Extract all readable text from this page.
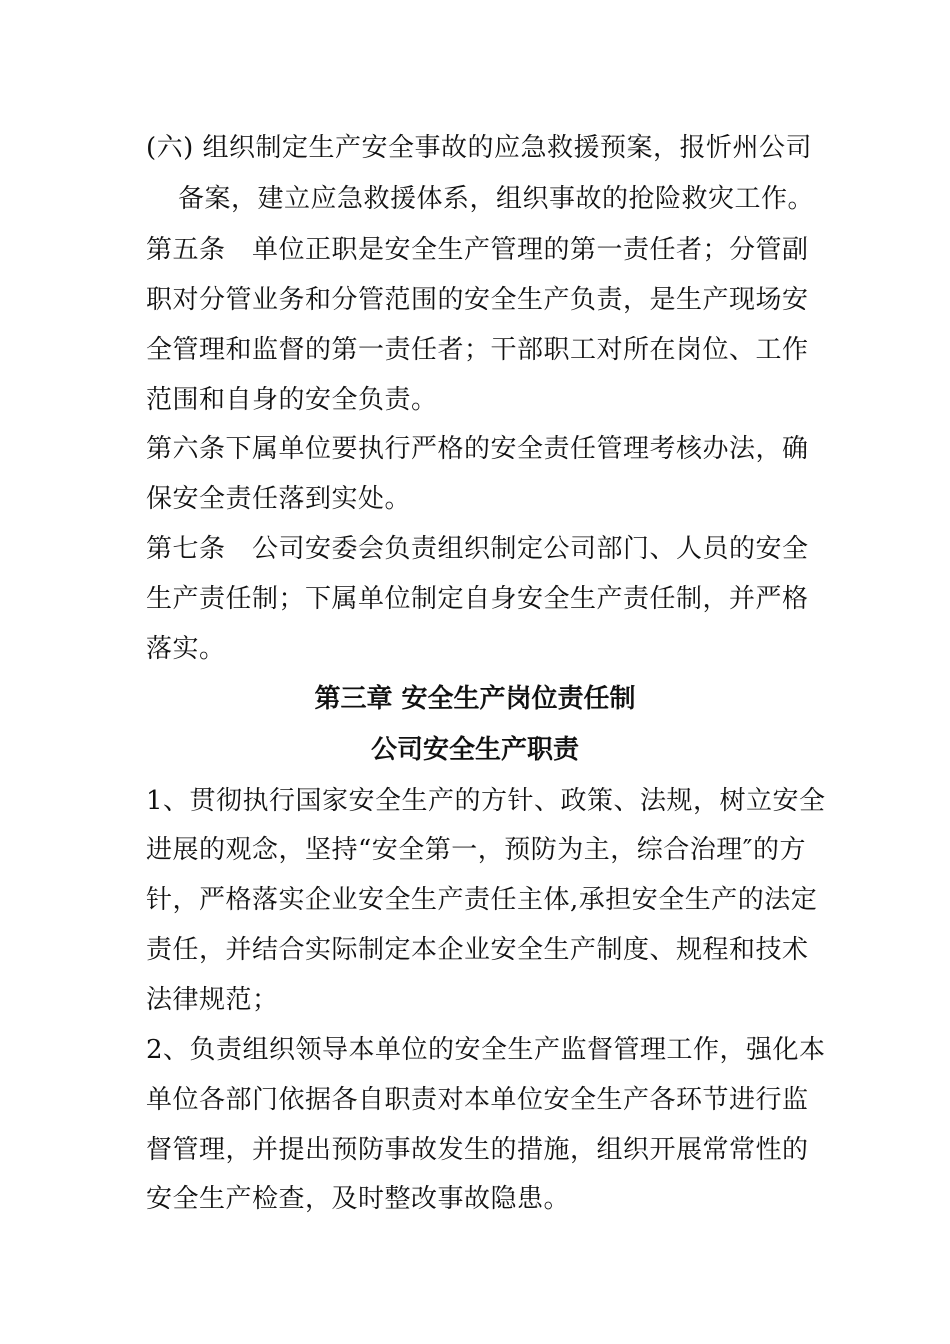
(六) 组织制定生产安全事故的应急救援预案，报忻州公司
备案，建立应急救援体系，组织事故的抢险救灾工作。
第五条　单位正职是安全生产管理的第一责任者；分管副
职对分管业务和分管范围的安全生产负责，是生产现场安
全管理和监督的第一责任者；干部职工对所在岗位、工作
范围和自身的安全负责。
第六条下属单位要执行严格的安全责任管理考核办法，确
保安全责任落到实处。
第七条　公司安委会负责组织制定公司部门、人员的安全
生产责任制；下属单位制定自身安全生产责任制，并严格
落实。
第三章 安全生产岗位责任制
公司安全生产职责
1、贯彻执行国家安全生产的方针、政策、法规，树立安全
进展的观念，坚持“安全第一，预防为主，综合治理″的方
针，严格落实企业安全生产责任主体,承担安全生产的法定
责任，并结合实际制定本企业安全生产制度、规程和技术
法律规范；
2、负责组织领导本单位的安全生产监督管理工作，强化本
单位各部门依据各自职责对本单位安全生产各环节进行监
督管理，并提出预防事故发生的措施，组织开展常常性的
安全生产检查，及时整改事故隐患。
